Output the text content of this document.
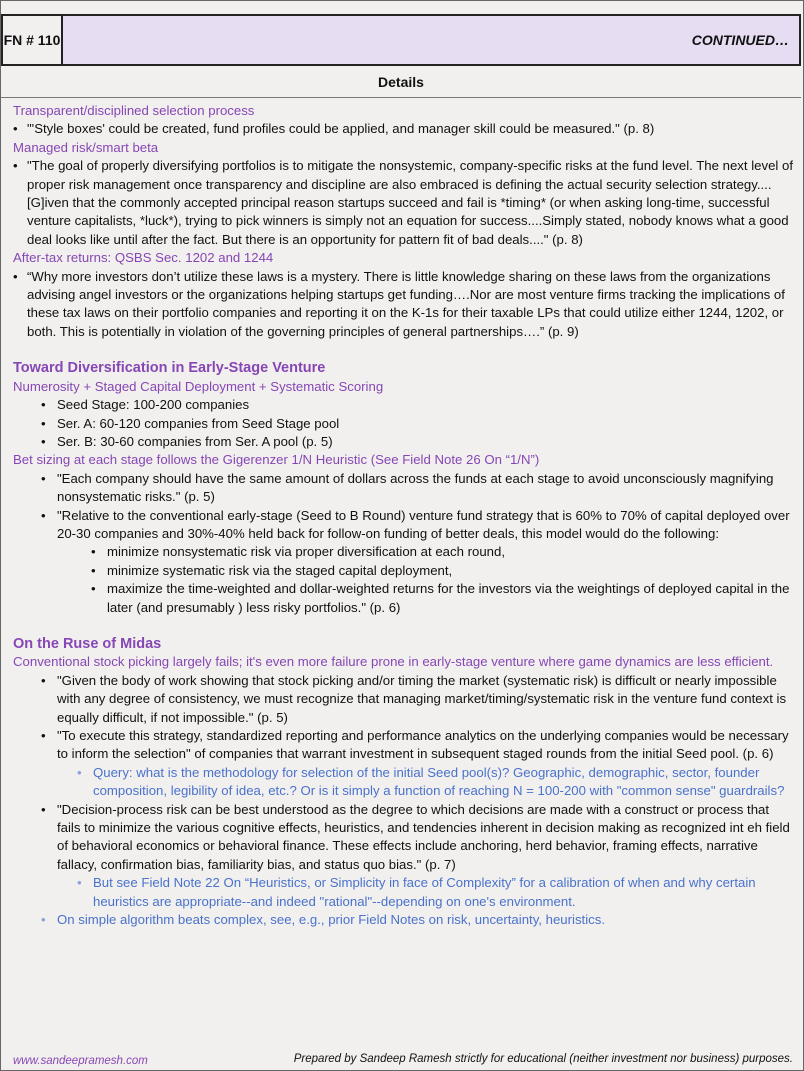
FN # 110	CONTINUED…
Details
Transparent/disciplined selection process
• "'Style boxes' could be created, fund profiles could be applied, and manager skill could be measured." (p. 8)
Managed risk/smart beta
• "The goal of properly diversifying portfolios is to mitigate the nonsystemic, company-specific risks at the fund level. The next level of proper risk management once transparency and discipline are also embraced is defining the actual security selection strategy....[G]iven that the commonly accepted principal reason startups succeed and fail is *timing* (or when asking long-time, successful venture capitalists, *luck*), trying to pick winners is simply not an equation for success....Simply stated, nobody knows what a good deal looks like until after the fact. But there is an opportunity for pattern fit of bad deals...." (p. 8)
After-tax returns: QSBS Sec. 1202 and 1244
• “Why more investors don’t utilize these laws is a mystery. There is little knowledge sharing on these laws from the organizations advising angel investors or the organizations helping startups get funding….Nor are most venture firms tracking the implications of these tax laws on their portfolio companies and reporting it on the K-1s for their taxable LPs that could utilize either 1244, 1202, or both. This is potentially in violation of the governing principles of general partnerships….” (p. 9)
Toward Diversification in Early-Stage Venture
Numerosity + Staged Capital Deployment + Systematic Scoring
• Seed Stage: 100-200 companies
• Ser. A: 60-120 companies from Seed Stage pool
• Ser. B: 30-60 companies from Ser. A pool (p. 5)
Bet sizing at each stage follows the Gigerenzer 1/N Heuristic (See Field Note 26 On “1/N”)
• "Each company should have the same amount of dollars across the funds at each stage to avoid unconsciously magnifying nonsystematic risks." (p. 5)
• "Relative to the conventional early-stage (Seed to B Round) venture fund strategy that is 60% to 70% of capital deployed over 20-30 companies and 30%-40% held back for follow-on funding of better deals, this model would do the following:
• minimize nonsystematic risk via proper diversification at each round,
• minimize systematic risk via the staged capital deployment,
• maximize the time-weighted and dollar-weighted returns for the investors via the weightings of deployed capital in the later (and presumably ) less risky portfolios." (p. 6)
On the Ruse of Midas
Conventional stock picking largely fails; it's even more failure prone in early-stage venture where game dynamics are less efficient.
• "Given the body of work showing that stock picking and/or timing the market (systematic risk) is difficult or nearly impossible with any degree of consistency, we must recognize that managing market/timing/systematic risk in the venture fund context is equally difficult, if not impossible." (p. 5)
• "To execute this strategy, standardized reporting and performance analytics on the underlying companies would be necessary to inform the selection" of companies that warrant investment in subsequent staged rounds from the initial Seed pool. (p. 6)
• Query: what is the methodology for selection of the initial Seed pool(s)? Geographic, demographic, sector, founder composition, legibility of idea, etc.? Or is it simply a function of reaching N = 100-200 with "common sense" guardrails?
• "Decision-process risk can be best understood as the degree to which decisions are made with a construct or process that fails to minimize the various cognitive effects, heuristics, and tendencies inherent in decision making as recognized int eh field of behavioral economics or behavioral finance. These effects include anchoring, herd behavior, framing effects, narrative fallacy, confirmation bias, familiarity bias, and status quo bias." (p. 7)
• But see Field Note 22 On “Heuristics, or Simplicity in face of Complexity” for a calibration of when and why certain heuristics are appropriate--and indeed "rational"--depending on one's environment.
• On simple algorithm beats complex, see, e.g., prior Field Notes on risk, uncertainty, heuristics.
www.sandeepramesh.com	Prepared by Sandeep Ramesh strictly for educational (neither investment nor business) purposes.
